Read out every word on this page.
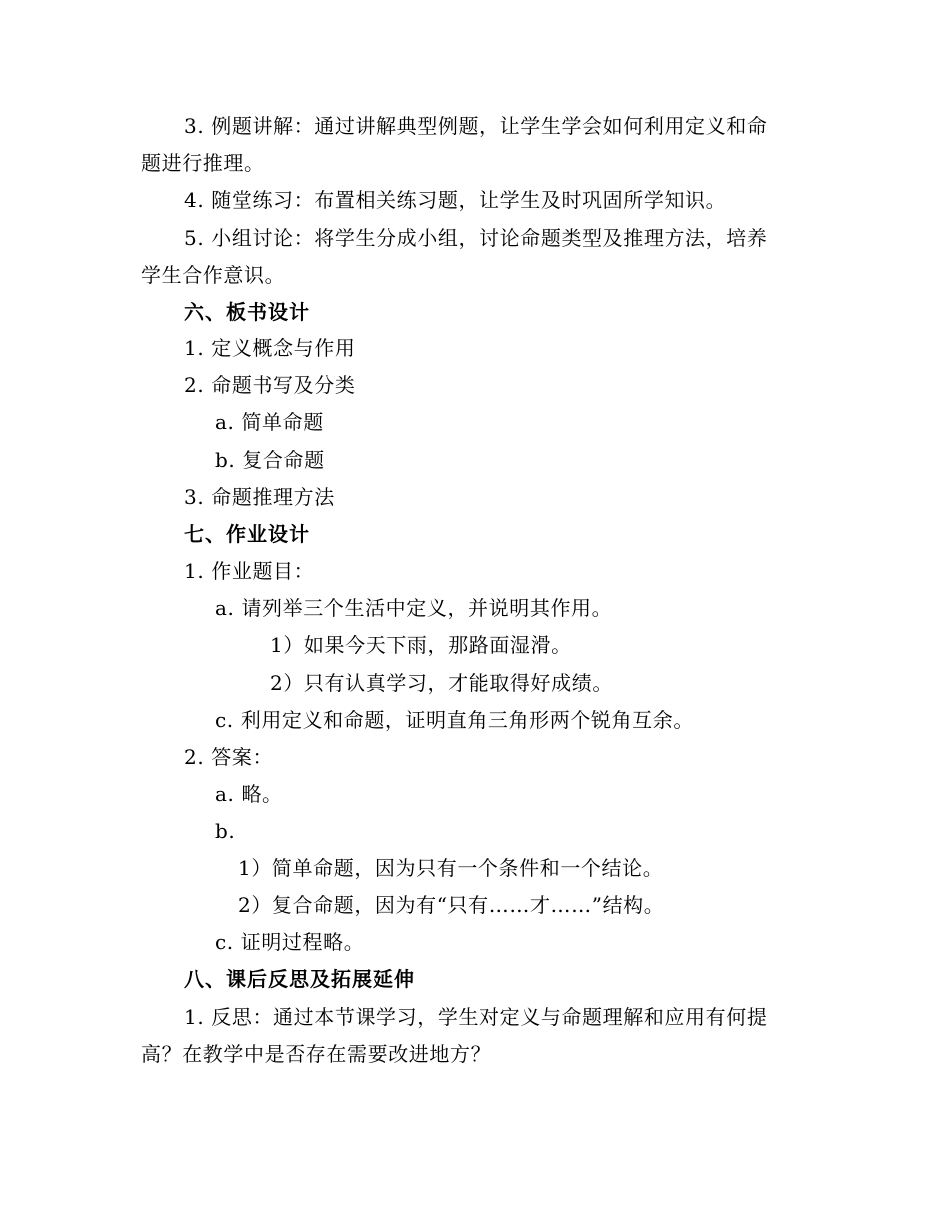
3. 例题讲解：通过讲解典型例题，让学生学会如何利用定义和命
题进行推理。
4. 随堂练习：布置相关练习题，让学生及时巩固所学知识。
5. 小组讨论：将学生分成小组，讨论命题类型及推理方法，培养
学生合作意识。
六、板书设计
1. 定义概念与作用
2. 命题书写及分类
a. 简单命题
b. 复合命题
3. 命题推理方法
七、作业设计
1. 作业题目：
a. 请列举三个生活中定义，并说明其作用。
1）如果今天下雨，那路面湿滑。
2）只有认真学习，才能取得好成绩。
c. 利用定义和命题，证明直角三角形两个锐角互余。
2. 答案：
a. 略。
b.
1）简单命题，因为只有一个条件和一个结论。
2）复合命题，因为有“只有……才……”结构。
c. 证明过程略。
八、课后反思及拓展延伸
1. 反思：通过本节课学习，学生对定义与命题理解和应用有何提
高？在教学中是否存在需要改进地方？
